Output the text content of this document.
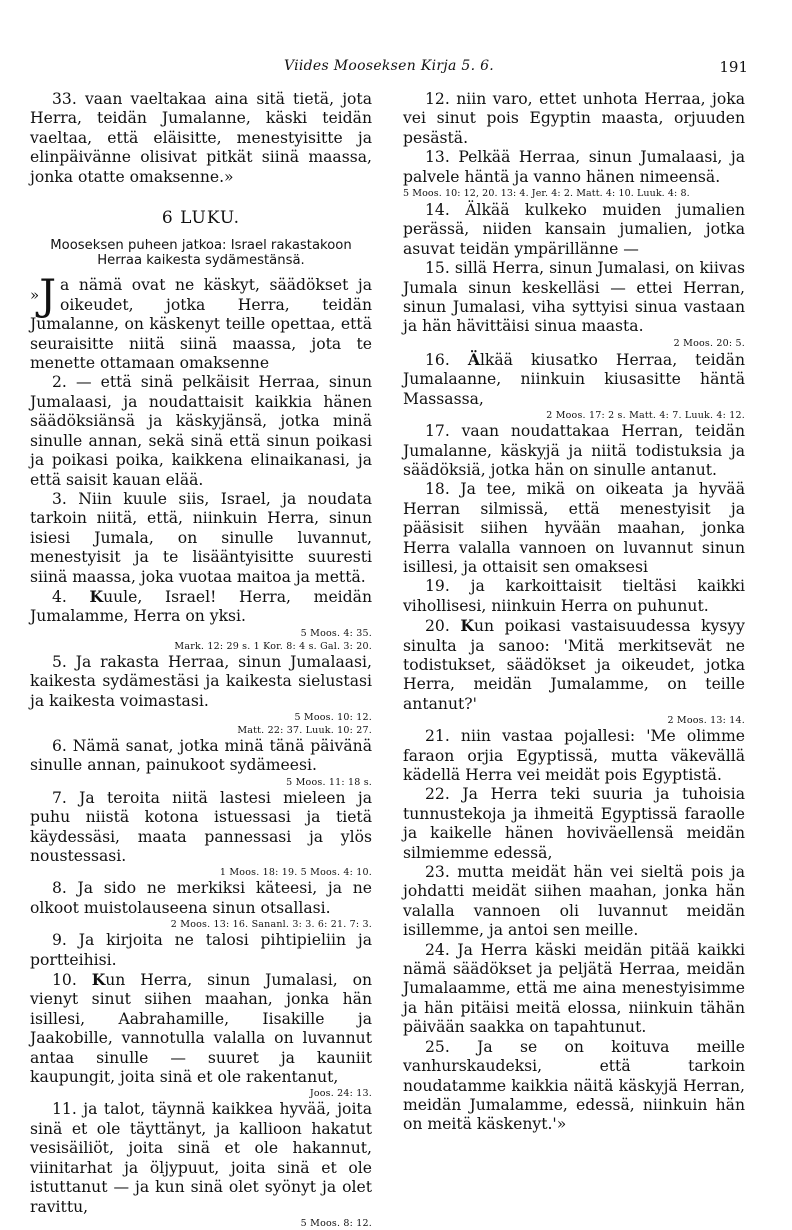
Viides Mooseksen Kirja 5. 6.	191

33. vaan vaeltakaa aina sitä tietä, jota Herra, teidän Jumalanne, käski teidän vaeltaa, että eläisitte, menestyisitte ja elinpäivänne olisivat pitkät siinä maassa, jonka otatte omaksenne.»

6 LUKU.
Mooseksen puheen jatkoa: Israel rakastakoon Herraa kaikesta sydämestänsä.

»J a nämä ovat ne käskyt, säädökset ja oikeudet, jotka Herra, teidän Jumalanne, on käskenyt teille opettaa, että seuraisitte niitä siinä maassa, jota te menette ottamaan omaksenne

2. — että sinä pelkäisit Herraa, sinun Jumalaasi, ja noudattaisit kaikkia hänen säädöksiänsä ja käskyjänsä, jotka minä sinulle annan, sekä sinä että sinun poikasi ja poikasi poika, kaikkena elinaikanasi, ja että saisit kauan elää.

3. Niin kuule siis, Israel, ja noudata tarkoin niitä, että, niinkuin Herra, sinun isiesi Jumala, on sinulle luvannut, menestyisit ja te lisääntyisitte suuresti siinä maassa, joka vuotaa maitoa ja mettä.

4. Kuule, Israel! Herra, meidän Jumalamme, Herra on yksi.

5 Moos. 4: 35.
Mark. 12: 29 s. 1 Kor. 8: 4 s. Gal. 3: 20.

5. Ja rakasta Herraa, sinun Jumalaasi, kaikesta sydämestäsi ja kaikesta sielustasi ja kaikesta voimastasi.

5 Moos. 10: 12.
Matt. 22: 37. Luuk. 10: 27.

6. Nämä sanat, jotka minä tänä päivänä sinulle annan, painukoot sydämeesi.

5 Moos. 11: 18 s.

7. Ja teroita niitä lastesi mieleen ja puhu niistä kotona istuessasi ja tietä käydessäsi, maata pannessasi ja ylös noustessasi.

1 Moos. 18: 19. 5 Moos. 4: 10.

8. Ja sido ne merkiksi käteesi, ja ne olkoot muistolauseena sinun otsallasi.

2 Moos. 13: 16. Sananl. 3: 3. 6: 21. 7: 3.

9. Ja kirjoita ne talosi pihtipieliin ja portteihisi.

10. Kun Herra, sinun Jumalasi, on vienyt sinut siihen maahan, jonka hän isillesi, Aabrahamille, Iisakille ja Jaakobille, vannotulla valalla on luvannut antaa sinulle — suuret ja kauniit kaupungit, joita sinä et ole rakentanut,

Joos. 24: 13.

11. ja talot, täynnä kaikkea hyvää, joita sinä et ole täyttänyt, ja kallioon hakatut vesisäiliöt, joita sinä et ole hakannut, viinitarhat ja öljypuut, joita sinä et ole istuttanut — ja kun sinä olet syönyt ja olet ravittu,

5 Moos. 8: 12.

12. niin varo, ettet unhota Herraa, joka vei sinut pois Egyptin maasta, orjuuden pesästä.

13. Pelkää Herraa, sinun Jumalaasi, ja palvele häntä ja vanno hänen nimeensä.

5 Moos. 10: 12, 20. 13: 4. Jer. 4: 2. Matt. 4: 10. Luuk. 4: 8.

14. Älkää kulkeko muiden jumalien perässä, niiden kansain jumalien, jotka asuvat teidän ympärillänne —

15. sillä Herra, sinun Jumalasi, on kiivas Jumala sinun keskelläsi — ettei Herran, sinun Jumalasi, viha syttyisi sinua vastaan ja hän hävittäisi sinua maasta.

2 Moos. 20: 5.

16. Älkää kiusatko Herraa, teidän Jumalaanne, niinkuin kiusasitte häntä Massassa,

2 Moos. 17: 2 s. Matt. 4: 7. Luuk. 4: 12.

17. vaan noudattakaa Herran, teidän Jumalanne, käskyjä ja niitä todistuksia ja säädöksiä, jotka hän on sinulle antanut.

18. Ja tee, mikä on oikeata ja hyvää Herran silmissä, että menestyisit ja pääsisit siihen hyvään maahan, jonka Herra valalla vannoen on luvannut sinun isillesi, ja ottaisit sen omaksesi

19. ja karkoittaisit tieltäsi kaikki vihollisesi, niinkuin Herra on puhunut.

20. Kun poikasi vastaisuudessa kysyy sinulta ja sanoo: 'Mitä merkitsevät ne todistukset, säädökset ja oikeudet, jotka Herra, meidän Jumalamme, on teille antanut?'

2 Moos. 13: 14.

21. niin vastaa pojallesi: 'Me olimme faraon orjia Egyptissä, mutta väkevällä kädellä Herra vei meidät pois Egyptistä.

22. Ja Herra teki suuria ja tuhoisia tunnustekoja ja ihmeitä Egyptissä faraolle ja kaikelle hänen hoviväellensä meidän silmiemme edessä,

23. mutta meidät hän vei sieltä pois ja johdatti meidät siihen maahan, jonka hän valalla vannoen oli luvannut meidän isillemme, ja antoi sen meille.

24. Ja Herra käski meidän pitää kaikki nämä säädökset ja peljätä Herraa, meidän Jumalaamme, että me aina menestyisimme ja hän pitäisi meitä elossa, niinkuin tähän päivään saakka on tapahtunut.

25. Ja se on koituva meille vanhurskaudeksi, että tarkoin noudatamme kaikkia näitä käskyjä Herran, meidän Jumalamme, edessä, niinkuin hän on meitä käskenyt.'»
